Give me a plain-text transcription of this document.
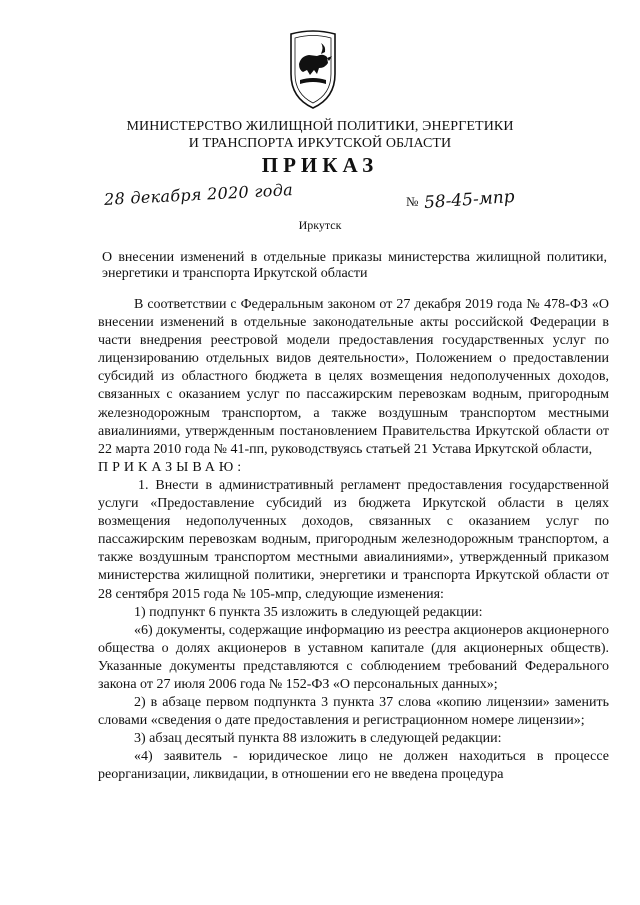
МИНИСТЕРСТВО ЖИЛИЩНОЙ ПОЛИТИКИ, ЭНЕРГЕТИКИ
И ТРАНСПОРТА ИРКУТСКОЙ ОБЛАСТИ
ПРИКАЗ
28 декабря 2020 года	№ 58-45-мпр
Иркутск
О внесении изменений в отдельные приказы министерства жилищной политики, энергетики и транспорта Иркутской области

В соответствии с Федеральным законом от 27 декабря 2019 года № 478-ФЗ «О внесении изменений в отдельные законодательные акты российской Федерации в части внедрения реестровой модели предоставления государственных услуг по лицензированию отдельных видов деятельности», Положением о предоставлении субсидий из областного бюджета в целях возмещения недополученных доходов, связанных с оказанием услуг по пассажирским перевозкам водным, пригородным железнодорожным транспортом, а также воздушным транспортом местными авиалиниями, утвержденным постановлением Правительства Иркутской области от 22 марта 2010 года № 41-пп, руководствуясь статьей 21 Устава Иркутской области,

ПРИКАЗЫВАЮ:

1. Внести в административный регламент предоставления государственной услуги «Предоставление субсидий из бюджета Иркутской области в целях возмещения недополученных доходов, связанных с оказанием услуг по пассажирским перевозкам водным, пригородным железнодорожным транспортом, а также воздушным транспортом местными авиалиниями», утвержденный приказом министерства жилищной политики, энергетики и транспорта Иркутской области от 28 сентября 2015 года № 105-мпр, следующие изменения:

1) подпункт 6 пункта 35 изложить в следующей редакции:

«6) документы, содержащие информацию из реестра акционеров акционерного общества о долях акционеров в уставном капитале (для акционерных обществ). Указанные документы представляются с соблюдением требований Федерального закона от 27 июля 2006 года № 152-ФЗ «О персональных данных»;

2) в абзаце первом подпункта 3 пункта 37 слова «копию лицензии» заменить словами «сведения о дате предоставления и регистрационном номере лицензии»;

3) абзац десятый пункта 88 изложить в следующей редакции:

«4) заявитель - юридическое лицо не должен находиться в процессе реорганизации, ликвидации, в отношении его не введена процедура
